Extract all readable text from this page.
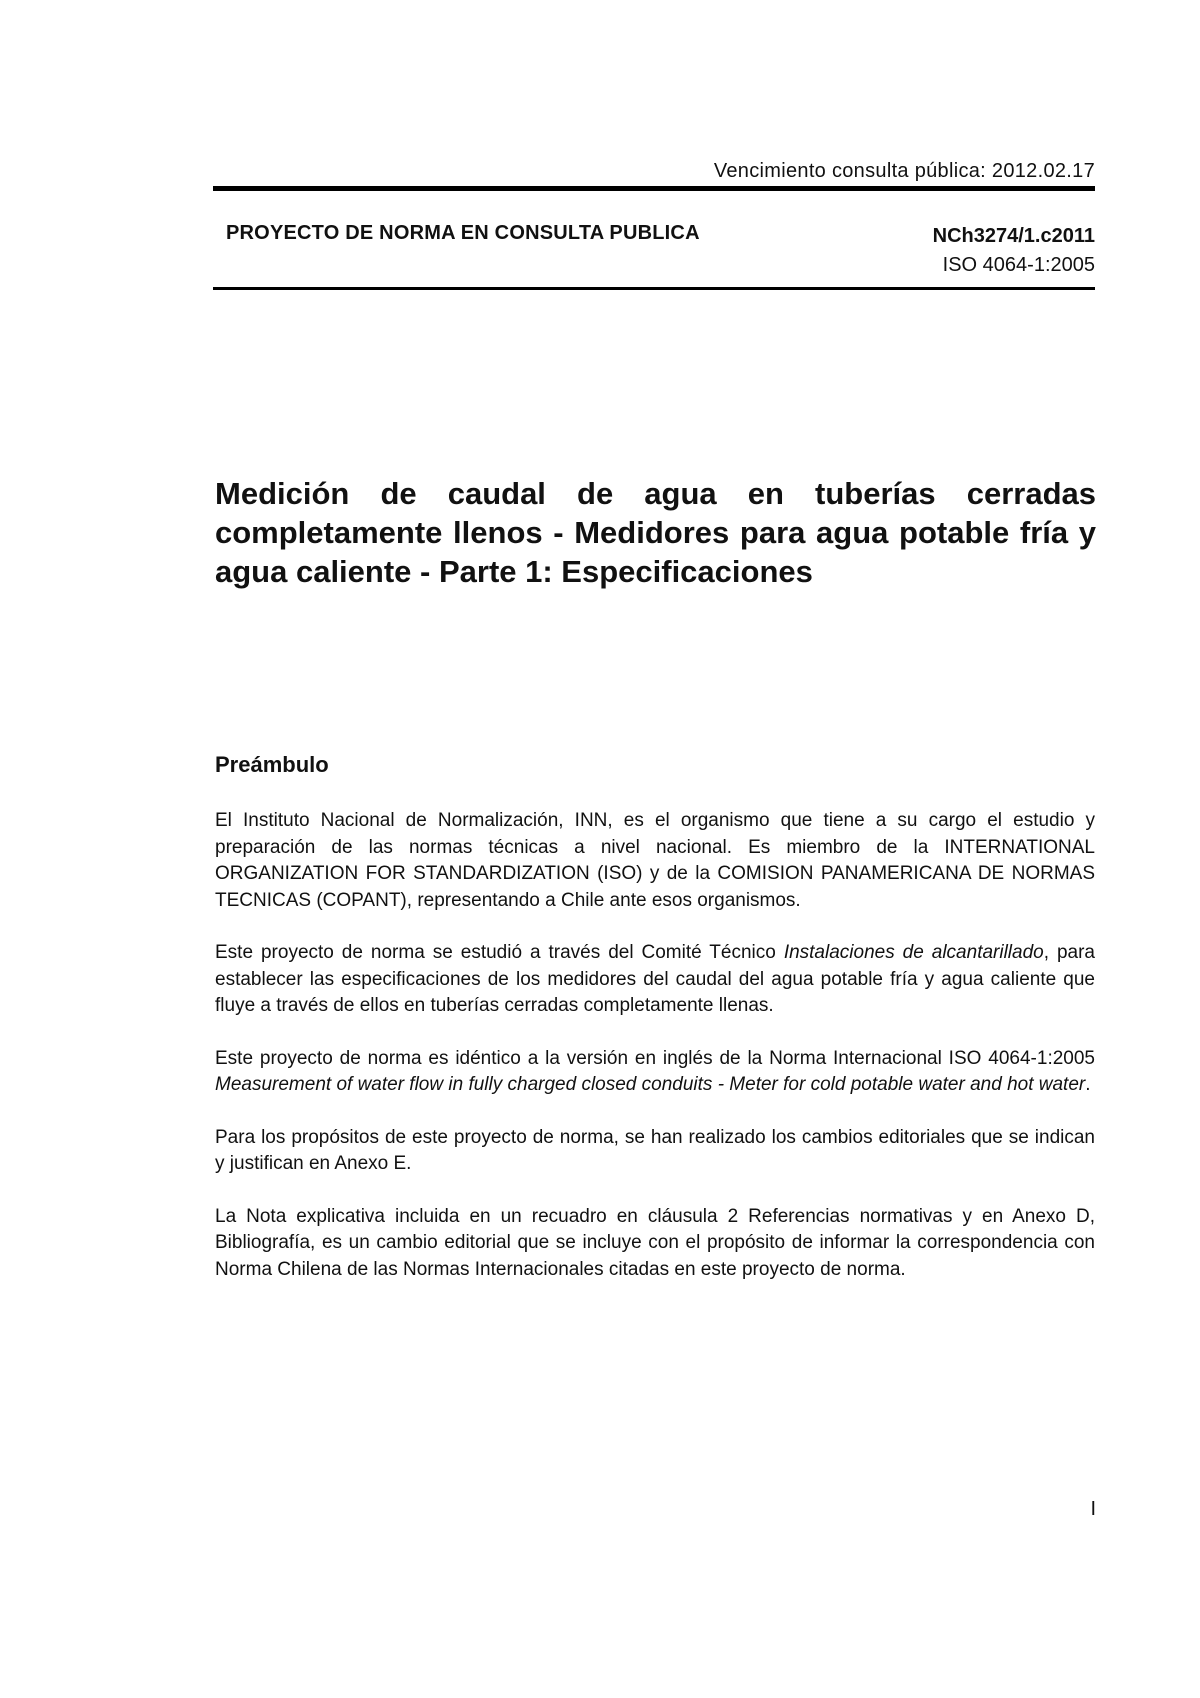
Vencimiento consulta pública: 2012.02.17
PROYECTO DE NORMA EN CONSULTA PUBLICA	NCh3274/1.c2011
ISO 4064-1:2005
Medición de caudal de agua en tuberías cerradas completamente llenos - Medidores para agua potable fría y agua caliente - Parte 1: Especificaciones
Preámbulo

El Instituto Nacional de Normalización, INN, es el organismo que tiene a su cargo el estudio y preparación de las normas técnicas a nivel nacional. Es miembro de la INTERNATIONAL ORGANIZATION FOR STANDARDIZATION (ISO) y de la COMISION PANAMERICANA DE NORMAS TECNICAS (COPANT), representando a Chile ante esos organismos.

Este proyecto de norma se estudió a través del Comité Técnico Instalaciones de alcantarillado, para establecer las especificaciones de los medidores del caudal del agua potable fría y agua caliente que fluye a través de ellos en tuberías cerradas completamente llenas.

Este proyecto de norma es idéntico a la versión en inglés de la Norma Internacional ISO 4064-1:2005 Measurement of water flow in fully charged closed conduits - Meter for cold potable water and hot water.

Para los propósitos de este proyecto de norma, se han realizado los cambios editoriales que se indican y justifican en Anexo E.

La Nota explicativa incluida en un recuadro en cláusula 2 Referencias normativas y en Anexo D, Bibliografía, es un cambio editorial que se incluye con el propósito de informar la correspondencia con Norma Chilena de las Normas Internacionales citadas en este proyecto de norma.

I
